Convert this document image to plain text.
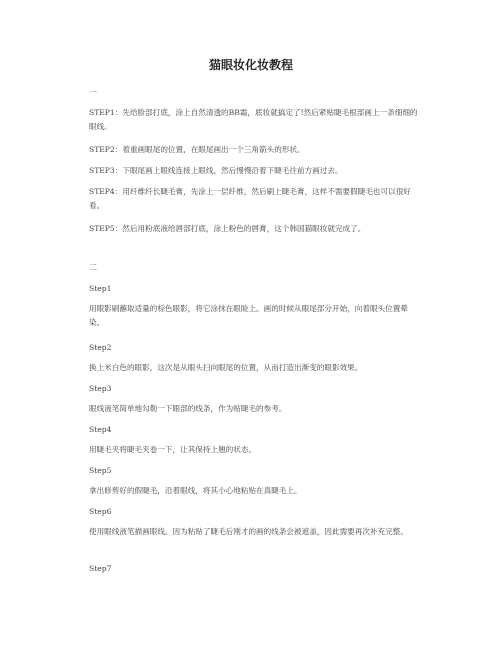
猫眼妆化妆教程
一
STEP1：先给脸部打底，涂上自然清透的BB霜，底妆就搞定了!然后紧贴睫毛根部画上一条细细的眼线。
STEP2：着重画眼尾的位置，在眼尾画出一个三角箭头的形状。
STEP3：下眼尾画上眼线连接上眼线，然后慢慢沿着下睫毛往前方画过去。
STEP4：用纤维纤长睫毛膏，先涂上一层纤维，然后刷上睫毛膏，这样不需要假睫毛也可以很好看。
STEP5：然后用粉底液给唇部打底，涂上粉色的唇膏，这个韩国猫眼妆就完成了。
二
Step1
用眼影刷蘸取适量的棕色眼影，将它涂抹在眼睑上。画的时候从眼尾部分开始，向着眼头位置晕染。
Step2
换上米白色的眼影，这次是从眼头扫向眼尾的位置，从而打造出渐变的眼影效果。
Step3
眼线液笔简单地勾勒一下眼部的线条，作为贴睫毛的参考。
Step4
用睫毛夹将睫毛夹卷一下，让其保持上翘的状态。
Step5
拿出修剪好的假睫毛，沿着眼线，将其小心地粘贴在真睫毛上。
Step6
使用眼线液笔描画眼线。因为粘贴了睫毛后刚才的画的线条会被遮盖，因此需要再次补充完整。
Step7
